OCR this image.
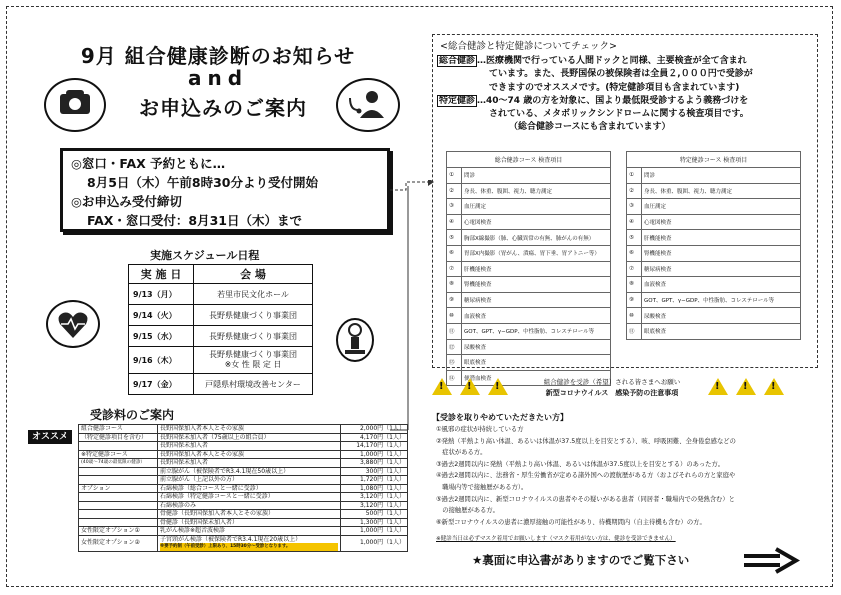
9月 組合健康診断のお知らせ
and
お申込みのご案内
◎窓口・FAX 予約ともに…
8月5日（木）午前8時30分より受付開始
◎お申込み受付締切
FAX・窓口受付：8月31日（木）まで
実施スケジュール日程
実 施 日	会 場
9/13（月）	若里市民文化ホール
9/14（火）	長野県健康づくり事業団
9/15（水）	長野県健康づくり事業団
9/16（木）	長野県健康づくり事業団
※女 性 限 定 日

9/17（金）	戸隠県村環境改善センター
受診料のご案内
オススメ
組合健診コース	長野国保加入者本人とその家族	2,000円（1人）
（特定健診項目を含む）	長野国保未加入者（75歳以上の組合員）	4,170円（1人）
	長野国保未加入者	14,170円（1人）
※特定健診コース	長野国保加入者本人とその家族	1,000円（1人）
(40歳〜74歳の最低限の健診）	長野国保未加入者	3,880円（1人）
	前立腺がん（被保険者でR3.4.1現在50歳以上）	300円（1人）
	前立腺がん（上記以外の方）	1,720円（1人）
オプション	石綿検診（総合コースと一緒に受診）	1,080円（1人）
	石綿検診（特定健診コースと一緒に受診）	3,120円（1人）
	石綿検診のみ	3,120円（1人）
	骨健診（長野国保加入者本人とその家族）	500円（1人）
	骨健診（長野国保未加入者）	1,300円（1人）
女性限定オプション①	乳がん検診※超音波検診	1,000円（1人）
女性限定オプション②	子宮頸がん検診（被保険者でR3.4.1現在20歳以上）
※要予約制（午前受診）上限あり、15時30分〜受診となります。	1,000円（1人）
<総合健診と特定健診についてチェック>
総合健診 …医療機関で行っている人間ドックと同様、主要検査が全て含まれ
ています。また、長野国保の被保険者は全員２,０００円で受診が
できますのでオススメです。(特定健診項目も含まれています)
特定健診 …40〜74 歳の方を対象に、国より最低限受診するよう義務づけを
されている、メタボリックシンドロームに関する検査項目です。
（総合健診コースにも含まれています）
総合健診コース 検査項目	
①	問診
②	身長、体重、腹囲、視力、聴力測定
③	血圧測定
④	心電図検査
⑤	胸部X線撮影（肺、心臓異常の有無、肺がんの有無）
⑥	胃部X内撮影（胃がん、潰瘍、胃下垂、胃アトニー等）
⑦	肝機能検査
⑧	腎機能検査
⑨	糖尿病検査
⑩	血液検査
⑪	GOT、GPT、γ−GDP、中性脂肪、コレステロール等
⑫	尿酸検査
⑬	眼底検査
⑭	便潜血検査
特定健診コース 検査項目	
①	問診
②	身長、体重、腹囲、視力、聴力測定
③	血圧測定
④	心電図検査
⑤	肝機能検査
⑥	腎機能検査
⑦	糖尿病検査
⑧	血液検査
⑨	GOT、GPT、γ−GDP、中性脂肪、コレステロール等
⑩	尿酸検査
⑪	眼底検査
! ! !	! ! !
組合健診を受診（希望）される皆さまへお願い
新型コロナウイルス　感染予防の注意事項
【受診を取りやめていただきたい方】
①風邪の症状が持続している方
②発熱（平熱より高い体温、あるいは体温が37.5度以上を目安とする）、咳、呼吸困難、全身倦怠感などの
　症状がある方。
③過去2週間以内に発熱（平熱より高い体温、あるいは体温が37.5度以上を目安とする）のあった方。
④過去2週間以内に、法務省・厚生労働省が定める諸外国への渡航歴がある方（およびそれらの方と家庭や
　職場内等で接触歴がある方）。
⑤過去2週間以内に、新型コロナウイルスの患者やその疑いがある患者（同居者・職場内での発熱含む）と
　の接触歴がある方。
⑥新型コロナウイルスの患者に濃厚接触の可能性があり、待機期間内（自主待機も含む）の方。
※健診当日は必ずマスク着用でお願いします（マスク着用がない方は、健診を受診できません）
★裏面に申込書がありますのでご覧下さい
